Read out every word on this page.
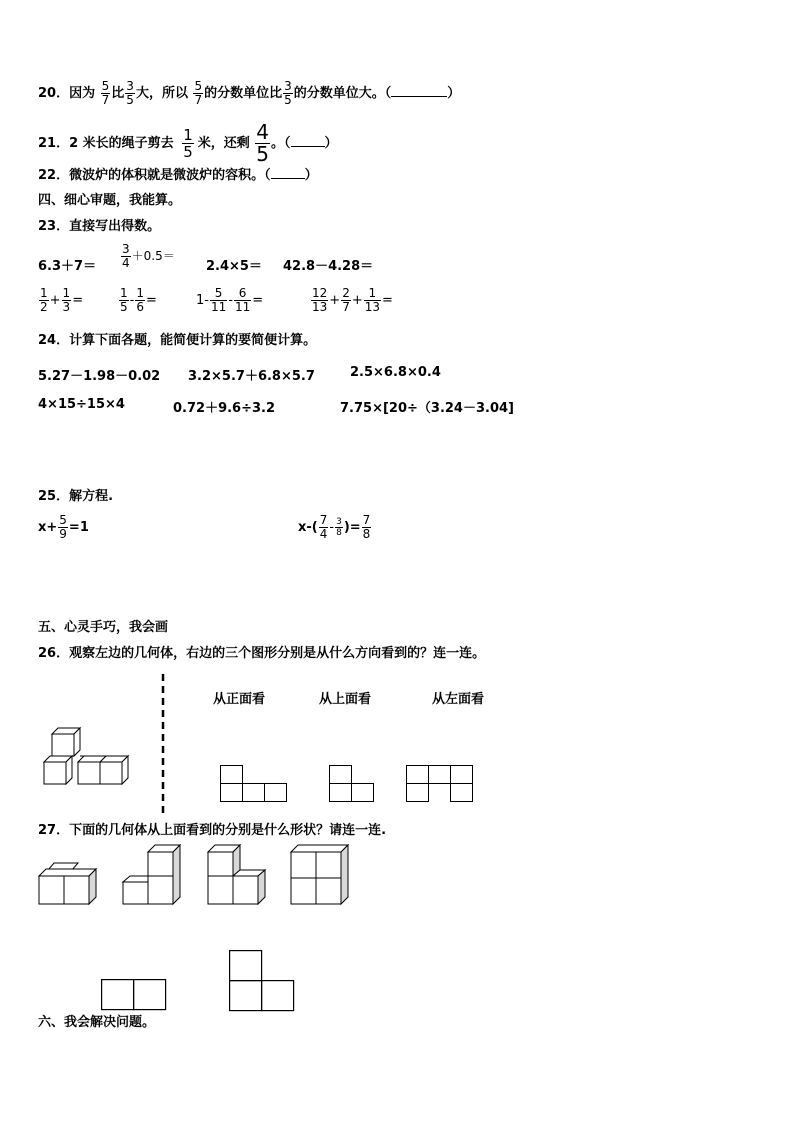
20．因为 $\frac{5}{7}$ 比 $\frac{3}{5}$ 大，所以 $\frac{5}{7}$ 的分数单位比 $\frac{3}{5}$ 的分数单位大。（	）
21．2 米长的绳子剪去 $\frac{1}{5}$ 米，还剩 $\frac{4}{5}$ 。（	）
22．微波炉的体积就是微波炉的容积。（	）
四、细心审题，我能算。
23．直接写出得数。
$6.3+7= \frac{3}{4} +0.5=$
2.4×5＝ 42.8－4.28＝
$\frac{1}{2} + \frac{1}{3}$ =	$\frac{1}{5} - \frac{1}{6}$ =	$1- \frac{5}{11} - \frac{6}{11}$ =	$\frac{12}{13} + \frac{2}{7} + \frac{1}{13}$ =
24．计算下面各题，能简便计算的要简便计算。
5.27－1.98－0.02 3.2×5.7＋6.8×5.7	2.5×6.8×0.4
4×15÷15×4	0.72＋9.6÷3.2	7.75×[20÷（3.24－3.04]
25．解方程.
$x+ \frac{5}{9} =1$	$x-( \frac{7}{4} - \frac{3}{8}$ )= $\frac{7}{8}$
五、心灵手巧，我会画
26．观察左边的几何体，右边的三个图形分别是从什么方向看到的？连一连。
从正面看	从上面看	从左面看
27．下面的几何体从上面看到的分别是什么形状？请连一连.
六、我会解决问题。
